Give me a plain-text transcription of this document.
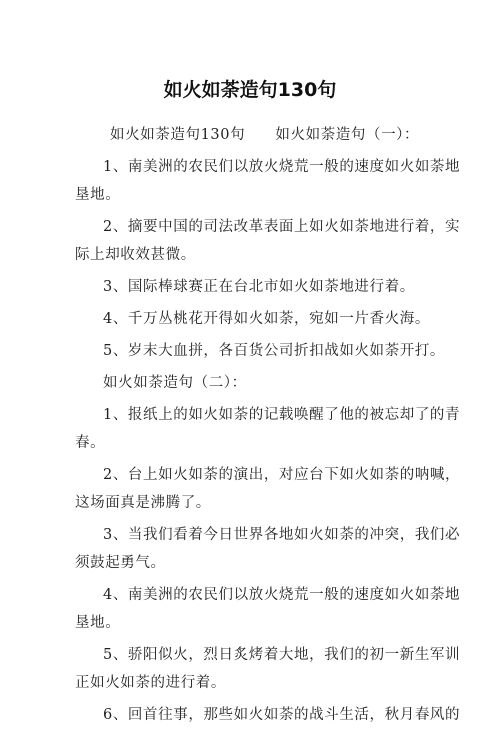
如火如荼造句130句
如火如荼造句130句　　如火如荼造句（一）：
1、南美洲的农民们以放火烧荒一般的速度如火如荼地
垦地。
2、摘要中国的司法改革表面上如火如荼地进行着，实
际上却收效甚微。
3、国际棒球赛正在台北市如火如荼地进行着。
4、千万丛桃花开得如火如荼，宛如一片香火海。
5、岁末大血拼，各百货公司折扣战如火如荼开打。
如火如荼造句（二）：
1、报纸上的如火如荼的记载唤醒了他的被忘却了的青
春。
2、台上如火如荼的演出，对应台下如火如荼的呐喊，
这场面真是沸腾了。
3、当我们看着今日世界各地如火如荼的冲突，我们必
须鼓起勇气。
4、南美洲的农民们以放火烧荒一般的速度如火如荼地
垦地。
5、骄阳似火，烈日炙烤着大地，我们的初一新生军训
正如火如荼的进行着。
6、回首往事，那些如火如荼的战斗生活，秋月春风的
